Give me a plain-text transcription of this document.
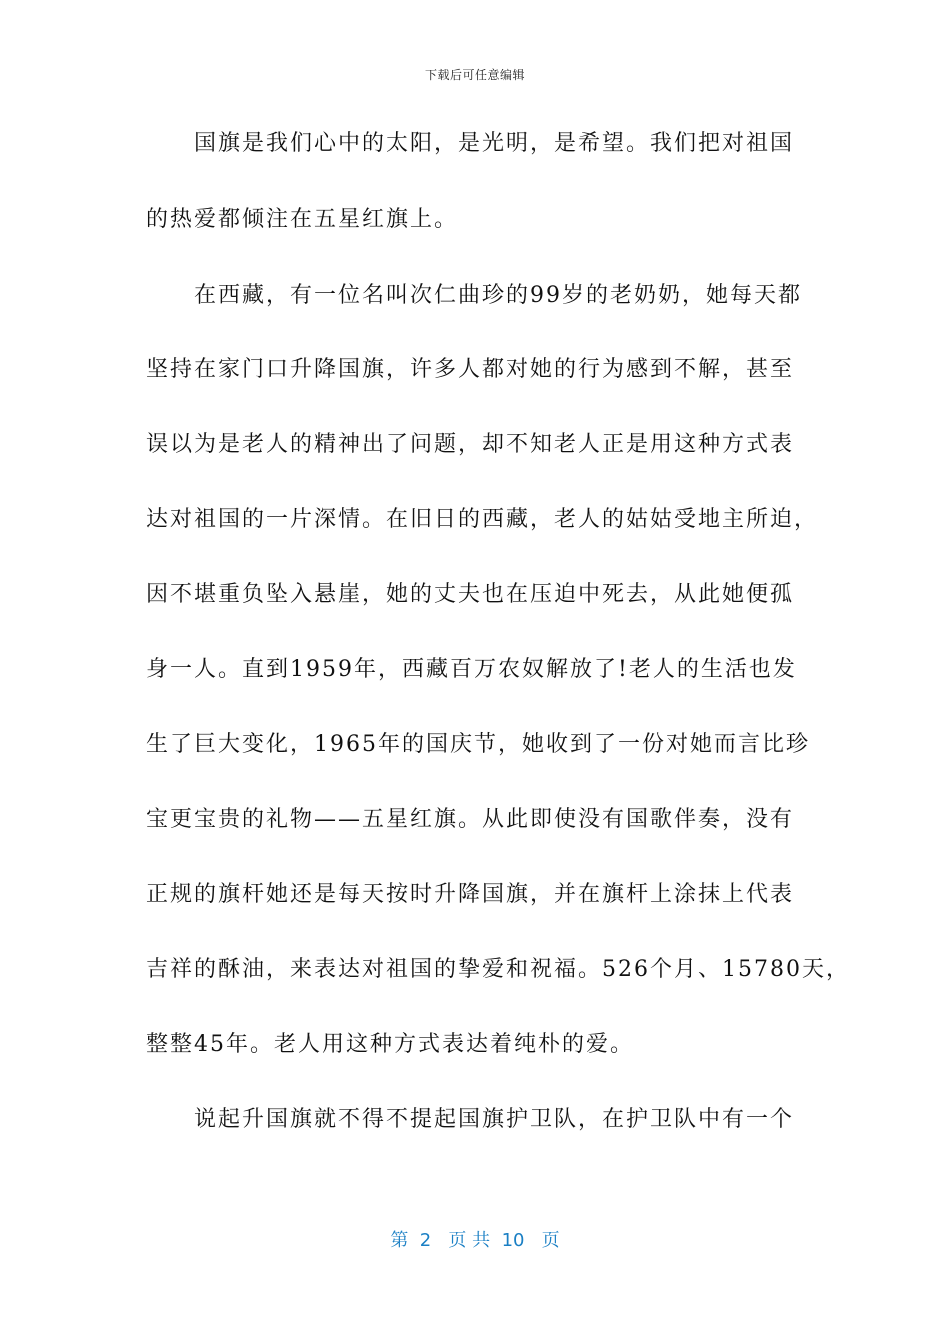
下载后可任意编辑
　　国旗是我们心中的太阳，是光明，是希望。我们把对祖国
的热爱都倾注在五星红旗上。
　　在西藏，有一位名叫次仁曲珍的99岁的老奶奶，她每天都
坚持在家门口升降国旗，许多人都对她的行为感到不解，甚至
误以为是老人的精神出了问题，却不知老人正是用这种方式表
达对祖国的一片深情。在旧日的西藏，老人的姑姑受地主所迫，
因不堪重负坠入悬崖，她的丈夫也在压迫中死去，从此她便孤
身一人。直到1959年，西藏百万农奴解放了!老人的生活也发
生了巨大变化，1965年的国庆节，她收到了一份对她而言比珍
宝更宝贵的礼物——五星红旗。从此即使没有国歌伴奏，没有
正规的旗杆她还是每天按时升降国旗，并在旗杆上涂抹上代表
吉祥的酥油，来表达对祖国的挚爱和祝福。526个月、15780天，
整整45年。老人用这种方式表达着纯朴的爱。
　　说起升国旗就不得不提起国旗护卫队，在护卫队中有一个
第  2   页 共  10   页
